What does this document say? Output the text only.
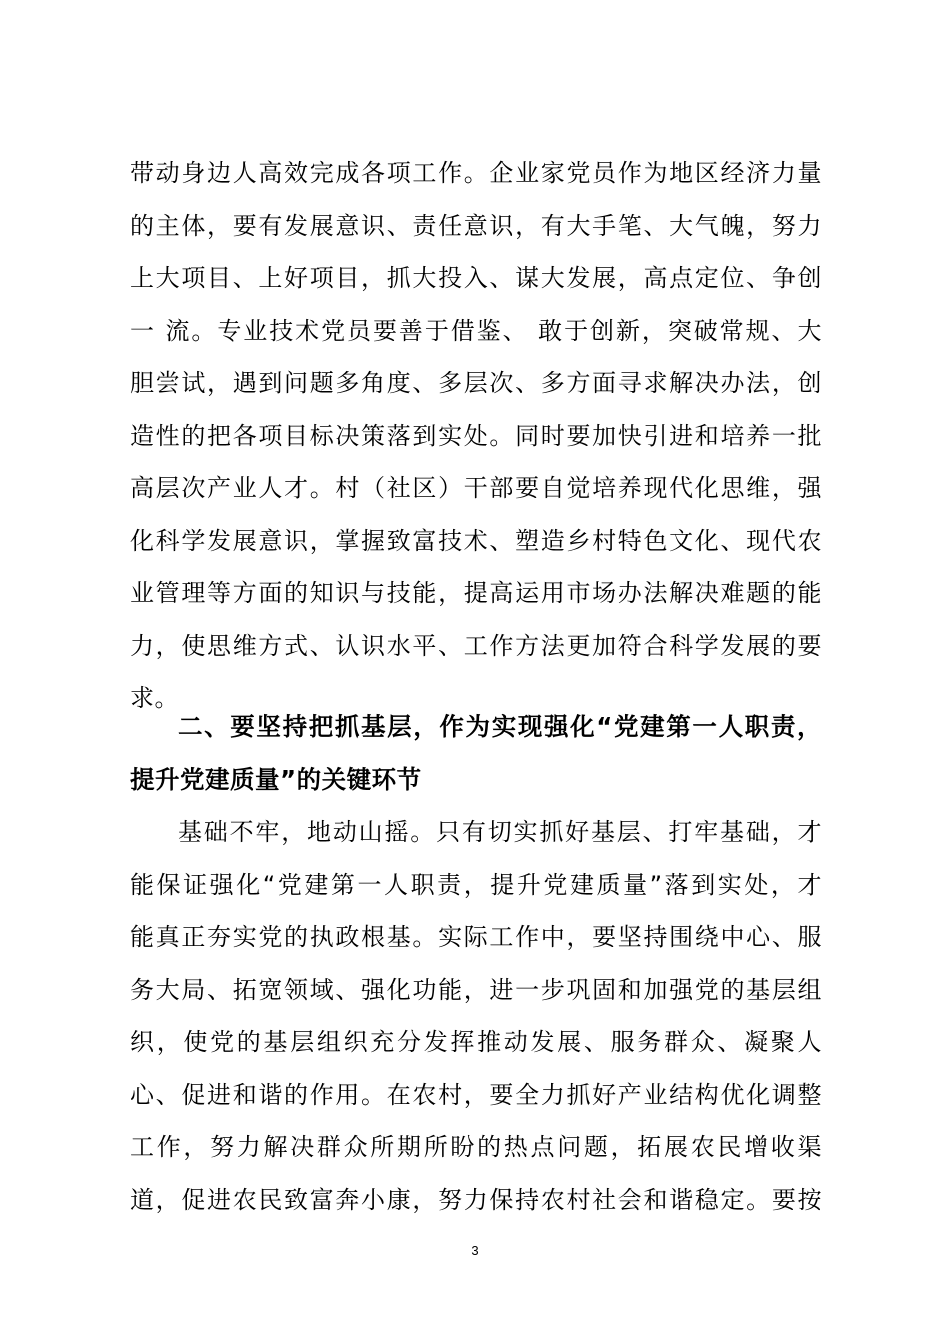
带动身边人高效完成各项工作。企业家党员作为地区经济力量
的主体，要有发展意识、责任意识，有大手笔、大气魄，努力
上大项目、上好项目，抓大投入、谋大发展，高点定位、争创
一 流。专业技术党员要善于借鉴、 敢于创新，突破常规、大
胆尝试，遇到问题多角度、多层次、多方面寻求解决办法，创
造性的把各项目标决策落到实处。同时要加快引进和培养一批
高层次产业人才。村（社区）干部要自觉培养现代化思维，强
化科学发展意识，掌握致富技术、塑造乡村特色文化、现代农
业管理等方面的知识与技能，提高运用市场办法解决难题的能
力，使思维方式、认识水平、工作方法更加符合科学发展的要
求。
二、要坚持把抓基层，作为实现强化“党建第一人职责，
提升党建质量”的关键环节
基础不牢，地动山摇。只有切实抓好基层、打牢基础，才
能保证强化“党建第一人职责，提升党建质量”落到实处，才
能真正夯实党的执政根基。实际工作中，要坚持围绕中心、服
务大局、拓宽领域、强化功能，进一步巩固和加强党的基层组
织，使党的基层组织充分发挥推动发展、服务群众、凝聚人
心、促进和谐的作用。在农村，要全力抓好产业结构优化调整
工作，努力解决群众所期所盼的热点问题，拓展农民增收渠
道，促进农民致富奔小康，努力保持农村社会和谐稳定。要按
3
